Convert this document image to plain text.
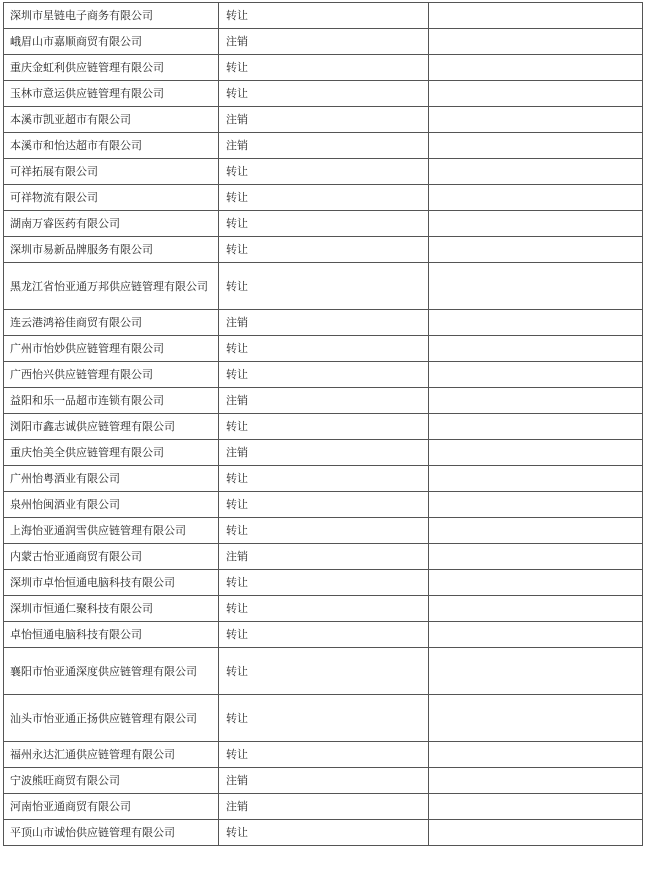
深圳市星链电子商务有限公司	转让	
峨眉山市嘉顺商贸有限公司	注销	
重庆金虹利供应链管理有限公司	转让	
玉林市意运供应链管理有限公司	转让	
本溪市凯亚超市有限公司	注销	
本溪市和怡达超市有限公司	注销	
可祥拓展有限公司	转让	
可祥物流有限公司	转让	
湖南万睿医药有限公司	转让	
深圳市易新品牌服务有限公司	转让	
黑龙江省怡亚通万邦供应链管理有限公司	转让	
连云港鸿裕佳商贸有限公司	注销	
广州市怡妙供应链管理有限公司	转让	
广西怡兴供应链管理有限公司	转让	
益阳和乐一品超市连锁有限公司	注销	
浏阳市鑫志诚供应链管理有限公司	转让	
重庆怡美全供应链管理有限公司	注销	
广州怡粤酒业有限公司	转让	
泉州怡闽酒业有限公司	转让	
上海怡亚通润雪供应链管理有限公司	转让	
内蒙古怡亚通商贸有限公司	注销	
深圳市卓怡恒通电脑科技有限公司	转让	
深圳市恒通仁聚科技有限公司	转让	
卓怡恒通电脑科技有限公司	转让	
襄阳市怡亚通深度供应链管理有限公司	转让	
汕头市怡亚通正扬供应链管理有限公司	转让	
福州永达汇通供应链管理有限公司	转让	
宁波熊旺商贸有限公司	注销	
河南怡亚通商贸有限公司	注销	
平顶山市诚怡供应链管理有限公司	转让	
